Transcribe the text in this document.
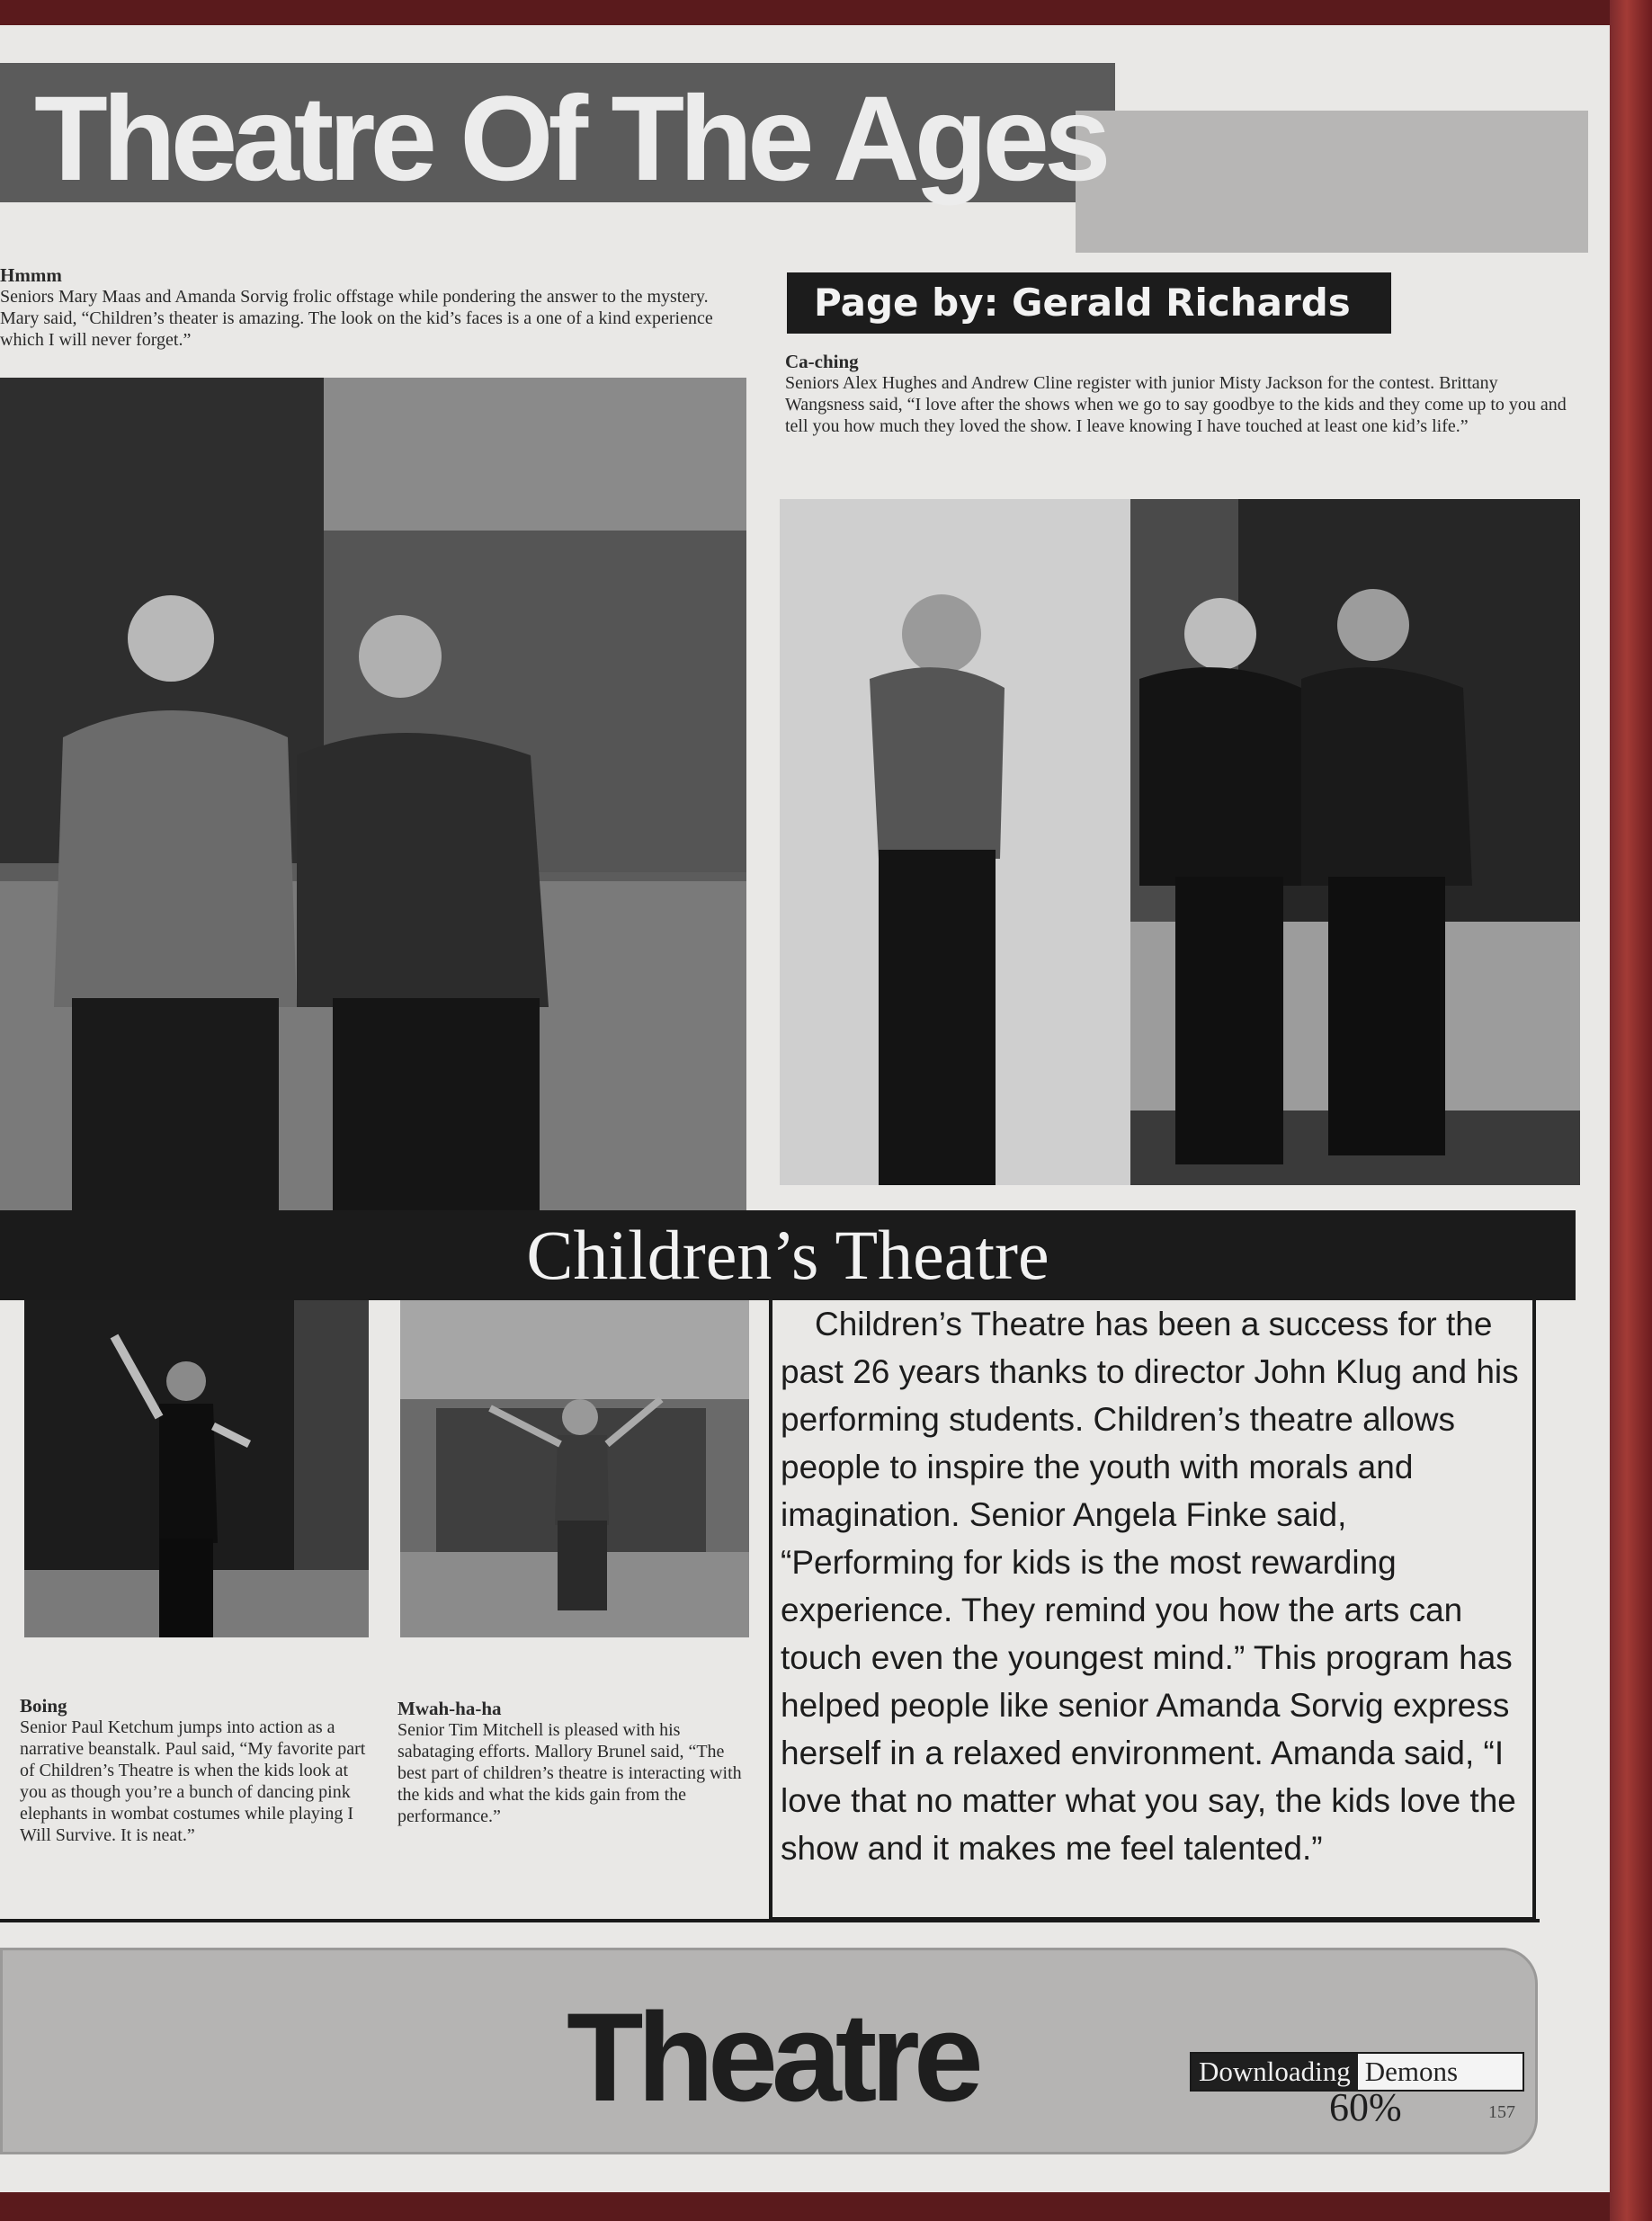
Theatre Of The Ages
Hmmm
Seniors Mary Maas and Amanda Sorvig frolic offstage while pondering the answer to the mystery. Mary said, “Children’s theater is amazing. The look on the kid’s faces is a one of a kind experience which I will never forget.”
Page by: Gerald Richards
Ca-ching
Seniors Alex Hughes and Andrew Cline register with junior Misty Jackson for the contest. Brittany Wangsness said, “I love after the shows when we go to say goodbye to the kids and they come up to you and tell you how much they loved the show. I leave knowing I have touched at least one kid’s life.”
Children’s Theatre
Boing
Senior Paul Ketchum jumps into action as a narrative beanstalk. Paul said, “My favorite part of Children’s Theatre is when the kids look at you as though you’re a bunch of dancing pink elephants in wombat costumes while playing I Will Survive. It is neat.”
Mwah-ha-ha
Senior Tim Mitchell is pleased with his sabataging efforts. Mallory Brunel said, “The best part of children’s theatre is interacting with the kids and what the kids gain from the performance.”
Children’s Theatre has been a success for the past 26 years thanks to director John Klug and his performing students. Children’s theatre allows people to inspire the youth with morals and imagination. Senior Angela Finke said, “Performing for kids is the most rewarding experience. They remind you how the arts can touch even the youngest mind.” This program has helped people like senior Amanda Sorvig express herself in a relaxed environment. Amanda said, “I love that no matter what you say, the kids love the show and it makes me feel talented.”
Theatre	Downloading Demons
60%	157
